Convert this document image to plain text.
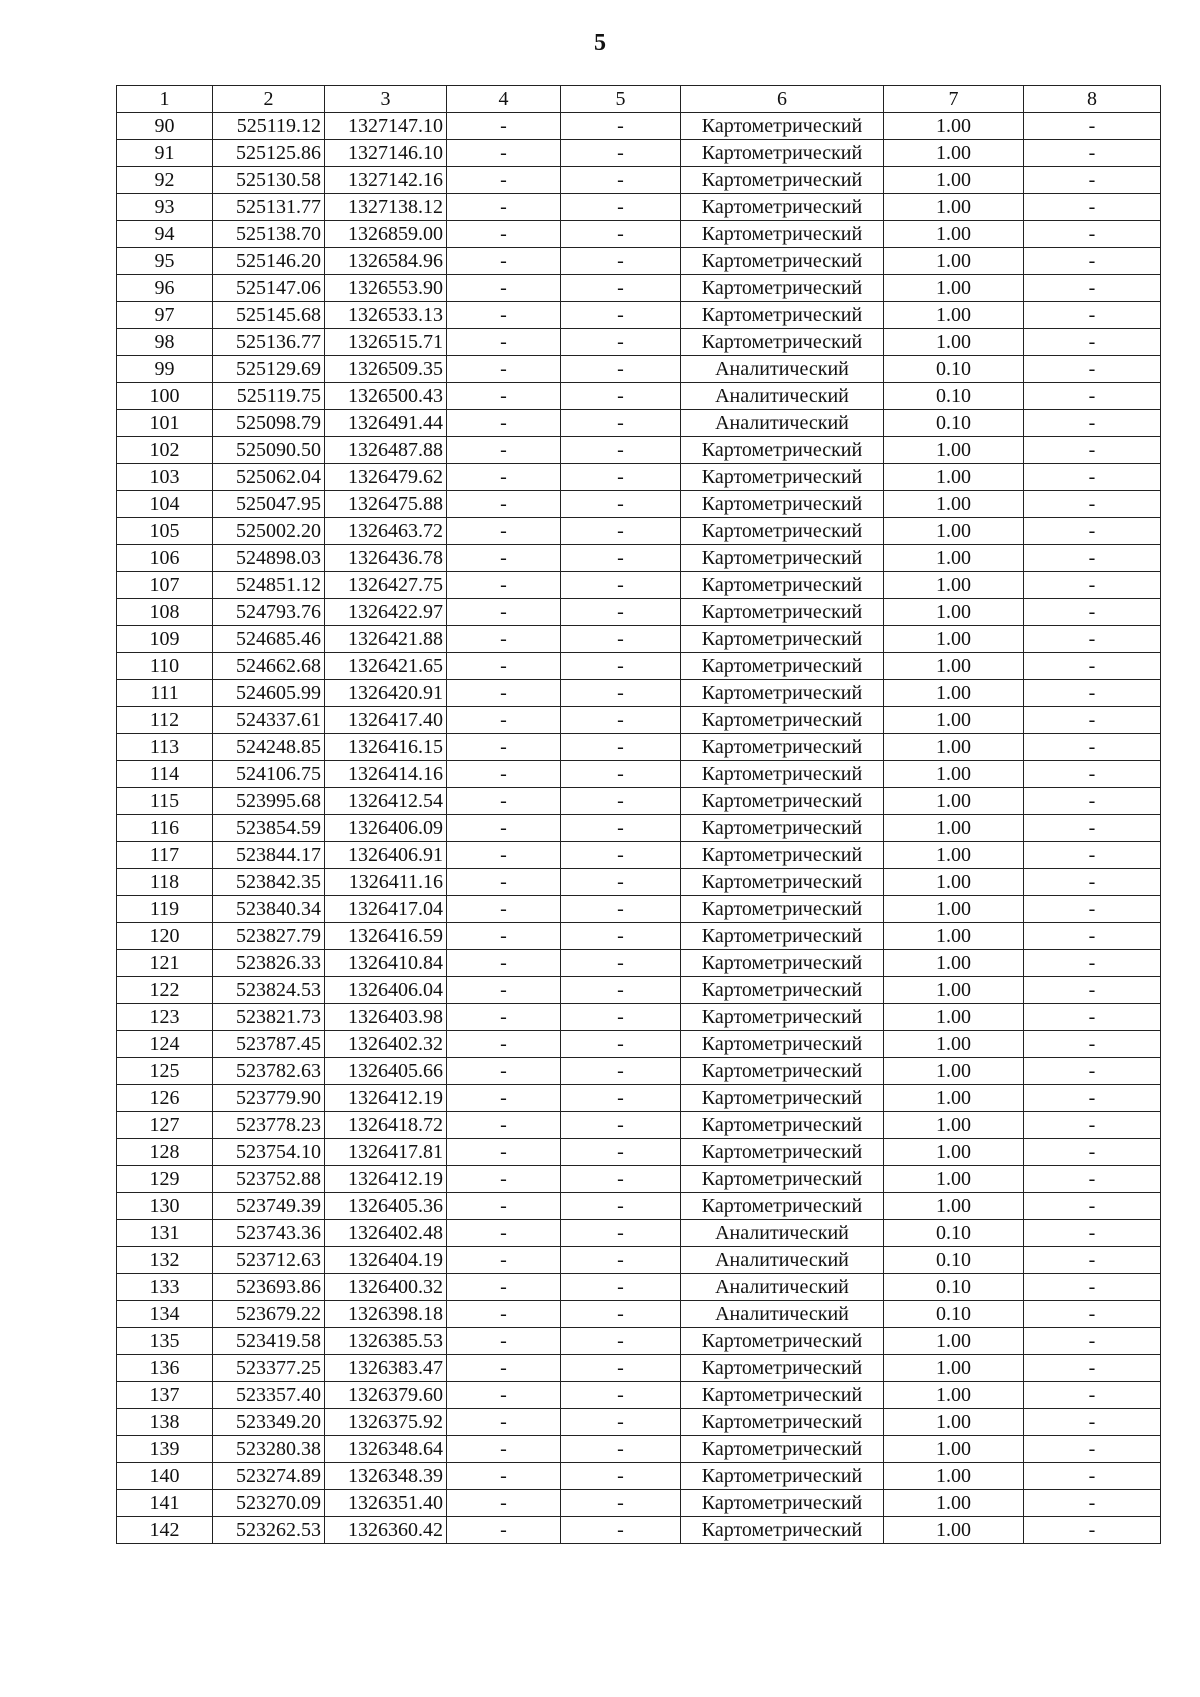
5
1	2	3	4	5	6	7	8
90	525119.12	1327147.10	-	-	Картометрический	1.00	-
91	525125.86	1327146.10	-	-	Картометрический	1.00	-
92	525130.58	1327142.16	-	-	Картометрический	1.00	-
93	525131.77	1327138.12	-	-	Картометрический	1.00	-
94	525138.70	1326859.00	-	-	Картометрический	1.00	-
95	525146.20	1326584.96	-	-	Картометрический	1.00	-
96	525147.06	1326553.90	-	-	Картометрический	1.00	-
97	525145.68	1326533.13	-	-	Картометрический	1.00	-
98	525136.77	1326515.71	-	-	Картометрический	1.00	-
99	525129.69	1326509.35	-	-	Аналитический	0.10	-
100	525119.75	1326500.43	-	-	Аналитический	0.10	-
101	525098.79	1326491.44	-	-	Аналитический	0.10	-
102	525090.50	1326487.88	-	-	Картометрический	1.00	-
103	525062.04	1326479.62	-	-	Картометрический	1.00	-
104	525047.95	1326475.88	-	-	Картометрический	1.00	-
105	525002.20	1326463.72	-	-	Картометрический	1.00	-
106	524898.03	1326436.78	-	-	Картометрический	1.00	-
107	524851.12	1326427.75	-	-	Картометрический	1.00	-
108	524793.76	1326422.97	-	-	Картометрический	1.00	-
109	524685.46	1326421.88	-	-	Картометрический	1.00	-
110	524662.68	1326421.65	-	-	Картометрический	1.00	-
111	524605.99	1326420.91	-	-	Картометрический	1.00	-
112	524337.61	1326417.40	-	-	Картометрический	1.00	-
113	524248.85	1326416.15	-	-	Картометрический	1.00	-
114	524106.75	1326414.16	-	-	Картометрический	1.00	-
115	523995.68	1326412.54	-	-	Картометрический	1.00	-
116	523854.59	1326406.09	-	-	Картометрический	1.00	-
117	523844.17	1326406.91	-	-	Картометрический	1.00	-
118	523842.35	1326411.16	-	-	Картометрический	1.00	-
119	523840.34	1326417.04	-	-	Картометрический	1.00	-
120	523827.79	1326416.59	-	-	Картометрический	1.00	-
121	523826.33	1326410.84	-	-	Картометрический	1.00	-
122	523824.53	1326406.04	-	-	Картометрический	1.00	-
123	523821.73	1326403.98	-	-	Картометрический	1.00	-
124	523787.45	1326402.32	-	-	Картометрический	1.00	-
125	523782.63	1326405.66	-	-	Картометрический	1.00	-
126	523779.90	1326412.19	-	-	Картометрический	1.00	-
127	523778.23	1326418.72	-	-	Картометрический	1.00	-
128	523754.10	1326417.81	-	-	Картометрический	1.00	-
129	523752.88	1326412.19	-	-	Картометрический	1.00	-
130	523749.39	1326405.36	-	-	Картометрический	1.00	-
131	523743.36	1326402.48	-	-	Аналитический	0.10	-
132	523712.63	1326404.19	-	-	Аналитический	0.10	-
133	523693.86	1326400.32	-	-	Аналитический	0.10	-
134	523679.22	1326398.18	-	-	Аналитический	0.10	-
135	523419.58	1326385.53	-	-	Картометрический	1.00	-
136	523377.25	1326383.47	-	-	Картометрический	1.00	-
137	523357.40	1326379.60	-	-	Картометрический	1.00	-
138	523349.20	1326375.92	-	-	Картометрический	1.00	-
139	523280.38	1326348.64	-	-	Картометрический	1.00	-
140	523274.89	1326348.39	-	-	Картометрический	1.00	-
141	523270.09	1326351.40	-	-	Картометрический	1.00	-
142	523262.53	1326360.42	-	-	Картометрический	1.00	-
